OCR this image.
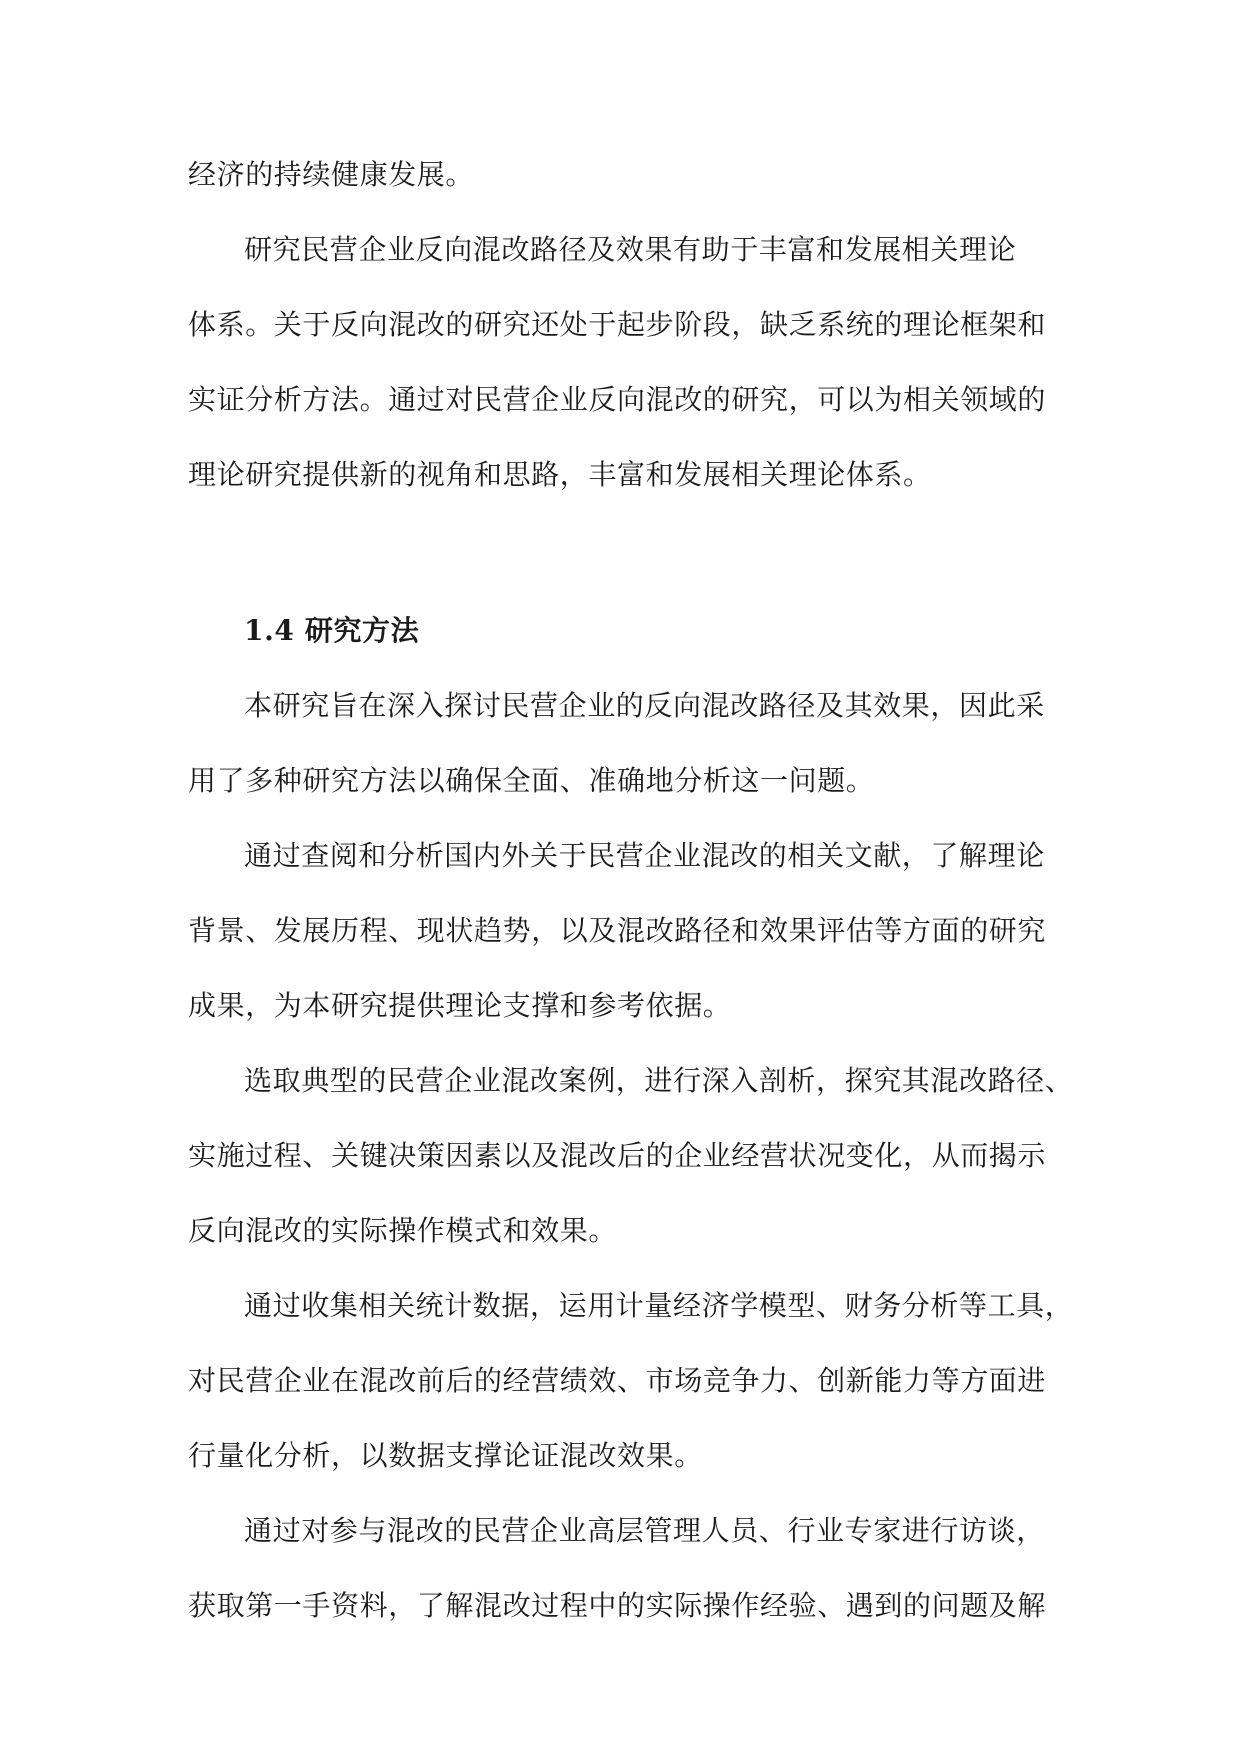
经济的持续健康发展。
研究民营企业反向混改路径及效果有助于丰富和发展相关理论
体系。关于反向混改的研究还处于起步阶段，缺乏系统的理论框架和
实证分析方法。通过对民营企业反向混改的研究，可以为相关领域的
理论研究提供新的视角和思路，丰富和发展相关理论体系。
1.4 研究方法
本研究旨在深入探讨民营企业的反向混改路径及其效果，因此采
用了多种研究方法以确保全面、准确地分析这一问题。
通过查阅和分析国内外关于民营企业混改的相关文献，了解理论
背景、发展历程、现状趋势，以及混改路径和效果评估等方面的研究
成果，为本研究提供理论支撑和参考依据。
选取典型的民营企业混改案例，进行深入剖析，探究其混改路径、
实施过程、关键决策因素以及混改后的企业经营状况变化，从而揭示
反向混改的实际操作模式和效果。
通过收集相关统计数据，运用计量经济学模型、财务分析等工具，
对民营企业在混改前后的经营绩效、市场竞争力、创新能力等方面进
行量化分析，以数据支撑论证混改效果。
通过对参与混改的民营企业高层管理人员、行业专家进行访谈，
获取第一手资料，了解混改过程中的实际操作经验、遇到的问题及解
